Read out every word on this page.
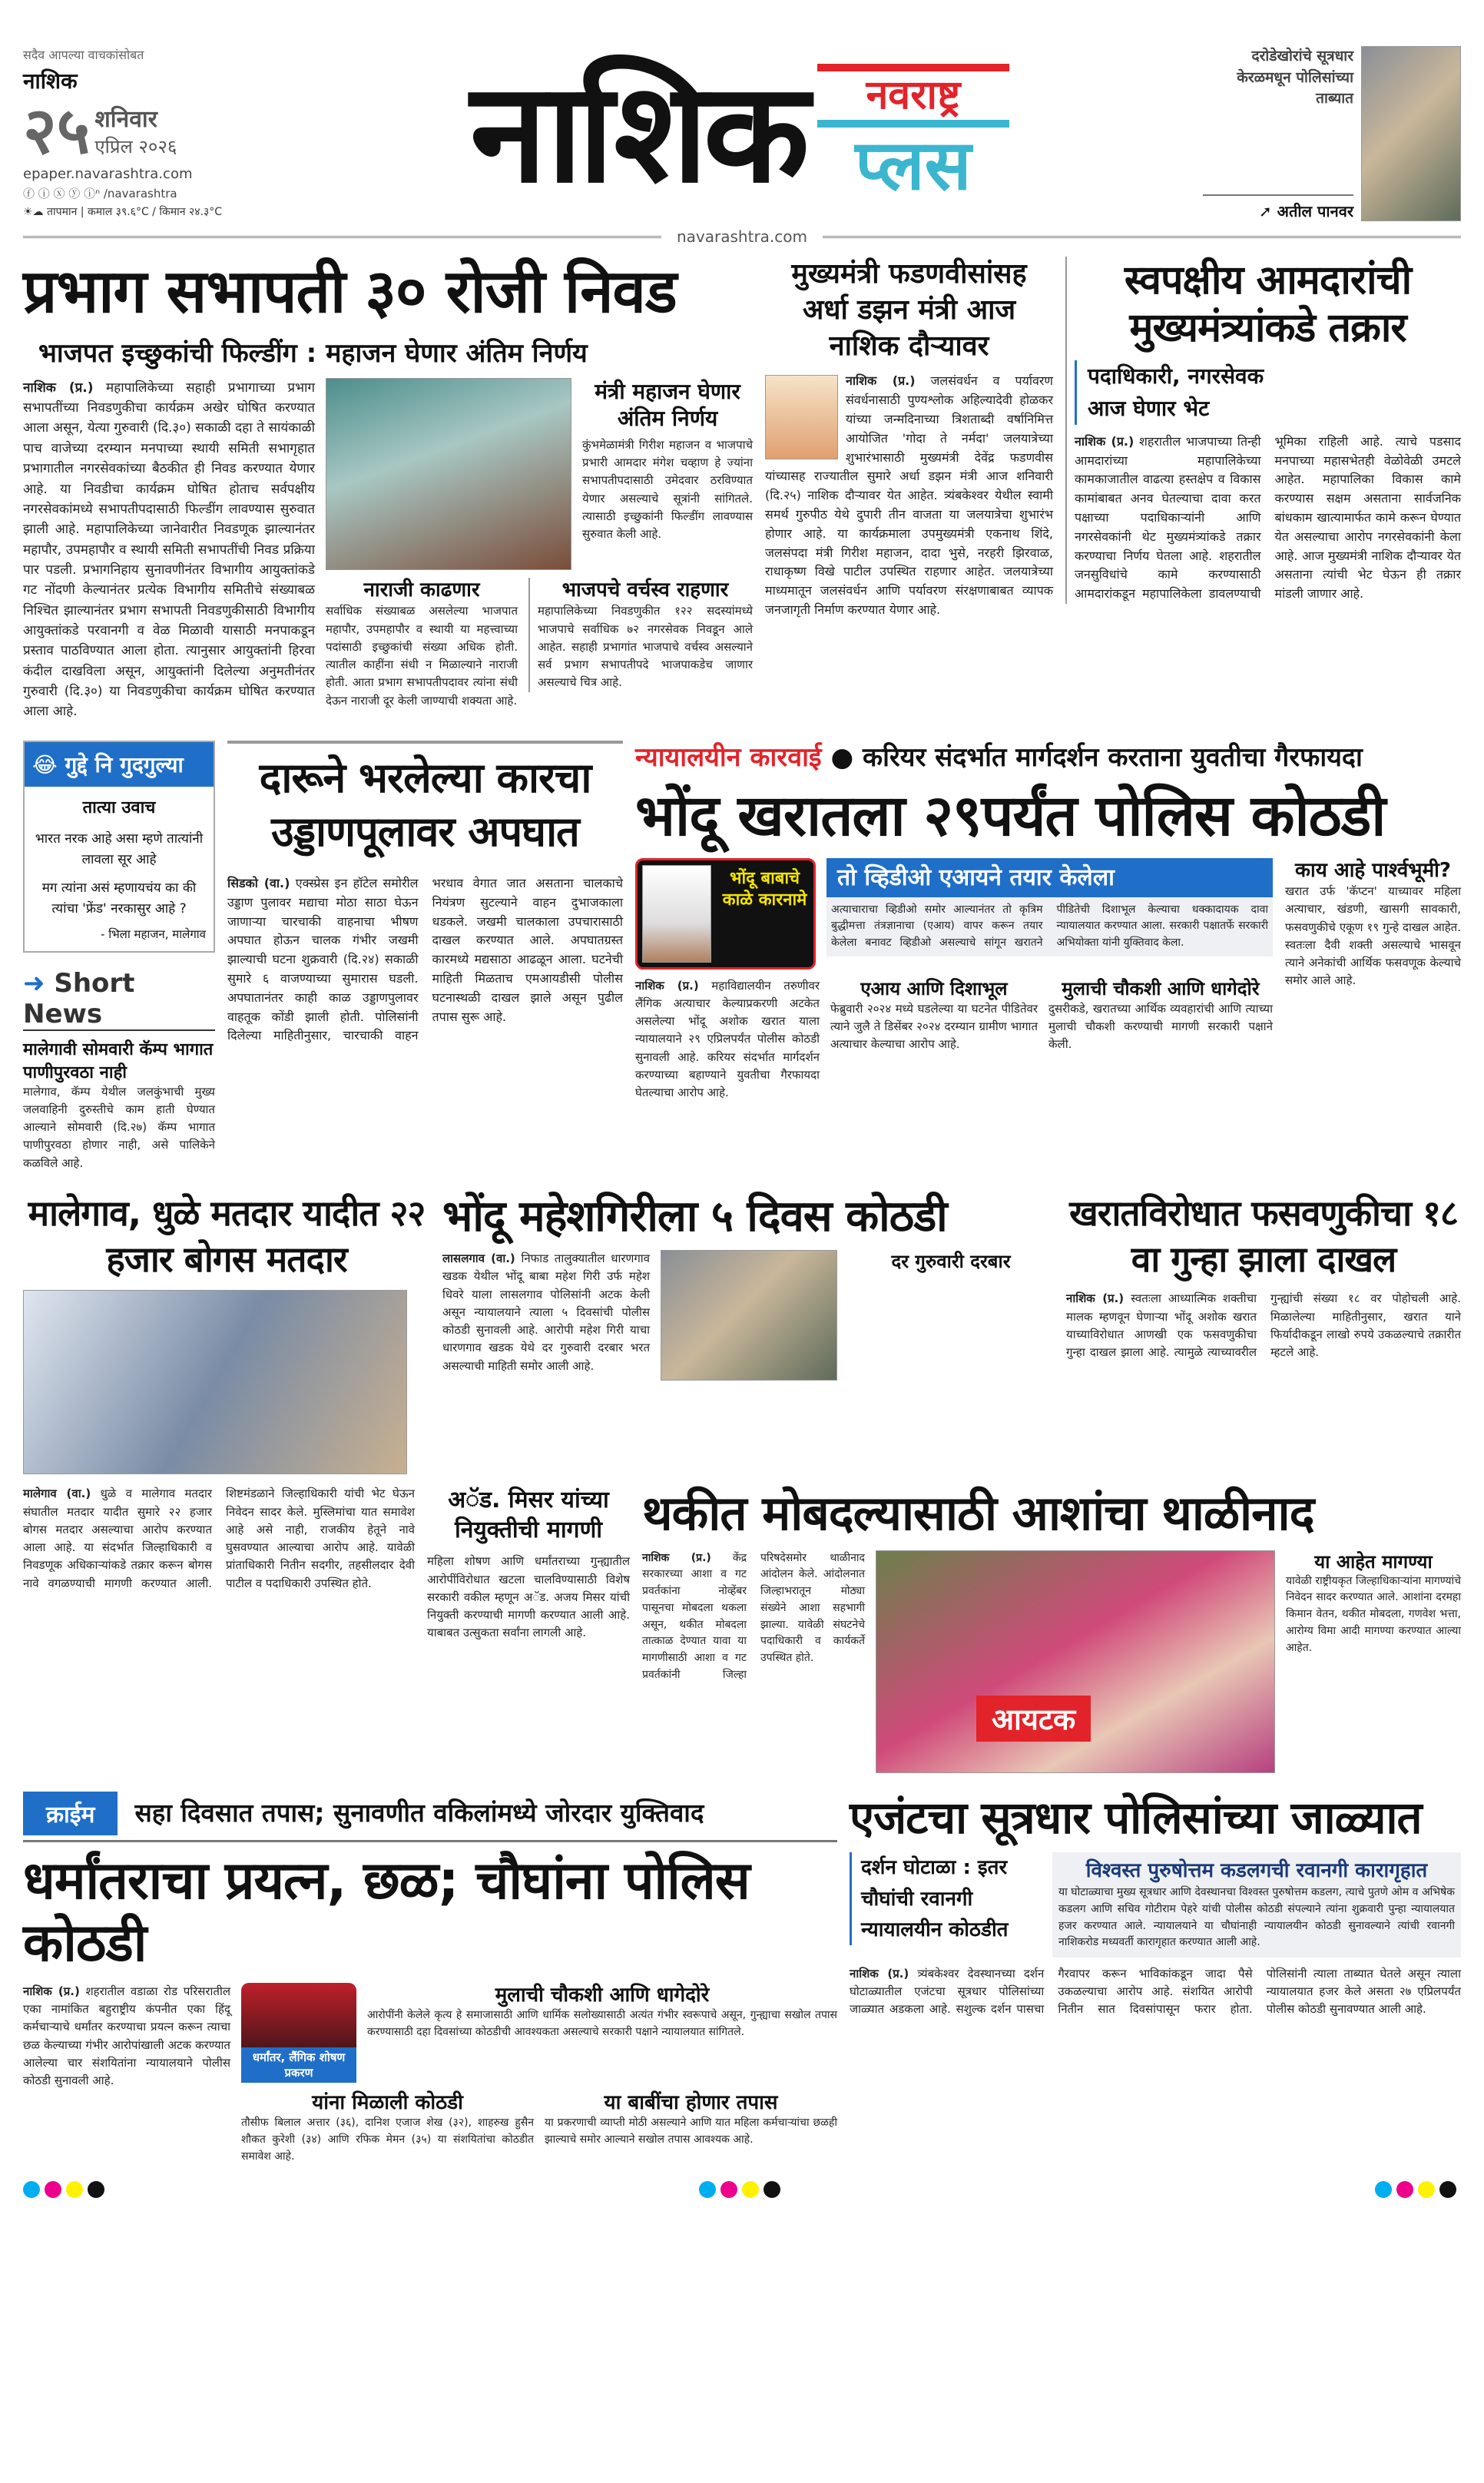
सदैव आपल्या वाचकांसोबत
नाशिक
२५ शनिवार
एप्रिल २०२६
epaper.navarashtra.com
ⓕ ⓘ ⓧ ⓨ ⓘⁿ /navarashtra
☀☁ तापमान | कमाल ३९.६°C / किमान २४.३°C	नाशिक	नवराष्ट्र
प्लस
दरोडेखोरांचे सूत्रधार केरळमधून पोलिसांच्या ताब्यात
➚ अतील पानवर
navarashtra.com
प्रभाग सभापती ३० रोजी निवड
भाजपत इच्छुकांची फिल्डींग : महाजन घेणार अंतिम निर्णय
नाशिक (प्र.) महापालिकेच्या सहाही प्रभागाच्या प्रभाग सभापतींच्या निवडणुकीचा कार्यक्रम अखेर घोषित करण्यात आला असून, येत्या गुरुवारी (दि.३०) सकाळी दहा ते सायंकाळी पाच वाजेच्या दरम्यान मनपाच्या स्थायी समिती सभागृहात प्रभागातील नगरसेवकांच्या बैठकीत ही निवड करण्यात येणार आहे. या निवडीचा कार्यक्रम घोषित होताच सर्वपक्षीय नगरसेवकांमध्ये सभापतीपदासाठी फिल्डींग लावण्यास सुरुवात झाली आहे. महापालिकेच्या जानेवारीत निवडणूक झाल्यानंतर महापौर, उपमहापौर व स्थायी समिती सभापतींची निवड प्रक्रिया पार पडली. प्रभागनिहाय सुनावणीनंतर विभागीय आयुक्तांकडे गट नोंदणी केल्यानंतर प्रत्येक विभागीय समितीचे संख्याबळ निश्चित झाल्यानंतर प्रभाग सभापती निवडणुकीसाठी विभागीय आयुक्तांकडे परवानगी व वेळ मिळावी यासाठी मनपाकडून प्रस्ताव पाठविण्यात आला होता. त्यानुसार आयुक्तांनी हिरवा कंदील दाखविला असून, आयुक्तांनी दिलेल्या अनुमतीनंतर गुरुवारी (दि.३०) या निवडणुकीचा कार्यक्रम घोषित करण्यात आला आहे.
मंत्री महाजन घेणार अंतिम निर्णय
कुंभमेळामंत्री गिरीश महाजन व भाजपाचे प्रभारी आमदार मंगेश चव्हाण हे ज्यांना सभापतीपदासाठी उमेदवार ठरविण्यात येणार असल्याचे सूत्रांनी सांगितले. त्यासाठी इच्छुकांनी फिल्डींग लावण्यास सुरुवात केली आहे.
नाराजी काढणार
सर्वाधिक संख्याबळ असलेल्या भाजपात महापौर, उपमहापौर व स्थायी या महत्त्वाच्या पदांसाठी इच्छुकांची संख्या अधिक होती. त्यातील काहींना संधी न मिळाल्याने नाराजी होती. आता प्रभाग सभापतीपदावर त्यांना संधी देऊन नाराजी दूर केली जाण्याची शक्यता आहे.
भाजपचे वर्चस्व राहणार
महापालिकेच्या निवडणुकीत १२२ सदस्यांमध्ये भाजपाचे सर्वाधिक ७२ नगरसेवक निवडून आले आहेत. सहाही प्रभागांत भाजपाचे वर्चस्व असल्याने सर्व प्रभाग सभापतीपदे भाजपाकडेच जाणार असल्याचे चित्र आहे.
मुख्यमंत्री फडणवीसांसह अर्धा डझन मंत्री आज नाशिक दौऱ्यावर
नाशिक (प्र.) जलसंवर्धन व पर्यावरण संवर्धनासाठी पुण्यश्लोक अहिल्यादेवी होळकर यांच्या जन्मदिनाच्या त्रिशताब्दी वर्षानिमित्त आयोजित 'गोदा ते नर्मदा' जलयात्रेच्या शुभारंभासाठी मुख्यमंत्री देवेंद्र फडणवीस यांच्यासह राज्यातील सुमारे अर्धा डझन मंत्री आज शनिवारी (दि.२५) नाशिक दौऱ्यावर येत आहेत. त्र्यंबकेश्वर येथील स्वामी समर्थ गुरुपीठ येथे दुपारी तीन वाजता या जलयात्रेचा शुभारंभ होणार आहे. या कार्यक्रमाला उपमुख्यमंत्री एकनाथ शिंदे, जलसंपदा मंत्री गिरीश महाजन, दादा भुसे, नरहरी झिरवाळ, राधाकृष्ण विखे पाटील उपस्थित राहणार आहेत. जलयात्रेच्या माध्यमातून जलसंवर्धन आणि पर्यावरण संरक्षणाबाबत व्यापक जनजागृती निर्माण करण्यात येणार आहे.
स्वपक्षीय आमदारांची मुख्यमंत्र्यांकडे तक्रार
पदाधिकारी, नगरसेवक आज घेणार भेट
नाशिक (प्र.) शहरातील भाजपाच्या तिन्ही आमदारांच्या महापालिकेच्या कामकाजातील वाढत्या हस्तक्षेप व विकास कामांबाबत अनव घेतल्याचा दावा करत पक्षाच्या पदाधिकाऱ्यांनी आणि नगरसेवकांनी थेट मुख्यमंत्र्यांकडे तक्रार करण्याचा निर्णय घेतला आहे. शहरातील जनसुविधांचे कामे करण्यासाठी आमदारांकडून महापालिकेला डावलण्याची भूमिका राहिली आहे. त्याचे पडसाद मनपाच्या महासभेतही वेळोवेळी उमटले आहेत. महापालिका विकास कामे करण्यास सक्षम असताना सार्वजनिक बांधकाम खात्यामार्फत कामे करून घेण्यात येत असल्याचा आरोप नगरसेवकांनी केला आहे. आज मुख्यमंत्री नाशिक दौऱ्यावर येत असताना त्यांची भेट घेऊन ही तक्रार मांडली जाणार आहे.
😂 गुद्दे नि गुदगुल्या
तात्या उवाच
भारत नरक आहे असा म्हणे तात्यांनी लावला सूर आहे
मग त्यांना असं म्हणायचंय का की त्यांचा 'फ्रेंड' नरकासुर आहे ?
- भिला महाजन, मालेगाव
➜ Short News
मालेगावी सोमवारी कॅम्प भागात पाणीपुरवठा नाही
मालेगाव, कॅम्प येथील जलकुंभाची मुख्य जलवाहिनी दुरुस्तीचे काम हाती घेण्यात आल्याने सोमवारी (दि.२७) कॅम्प भागात पाणीपुरवठा होणार नाही, असे पालिकेने कळविले आहे.
दारूने भरलेल्या कारचा उड्डाणपूलावर अपघात
सिडको (वा.) एक्स्प्रेस इन हॉटेल समोरील उड्डाण पुलावर मद्याचा मोठा साठा घेऊन जाणाऱ्या चारचाकी वाहनाचा भीषण अपघात होऊन चालक गंभीर जखमी झाल्याची घटना शुक्रवारी (दि.२४) सकाळी सुमारे ६ वाजण्याच्या सुमारास घडली. अपघातानंतर काही काळ उड्डाणपुलावर वाहतूक कोंडी झाली होती. पोलिसांनी दिलेल्या माहितीनुसार, चारचाकी वाहन भरधाव वेगात जात असताना चालकाचे नियंत्रण सुटल्याने वाहन दुभाजकाला धडकले. जखमी चालकाला उपचारासाठी दाखल करण्यात आले. अपघातग्रस्त कारमध्ये मद्यसाठा आढळून आला. घटनेची माहिती मिळताच एमआयडीसी पोलीस घटनास्थळी दाखल झाले असून पुढील तपास सुरू आहे.
न्यायालयीन कारवाई ● करियर संदर्भात मार्गदर्शन करताना युवतीचा गैरफायदा
भोंदू खरातला २९पर्यंत पोलिस कोठडी
भोंदू बाबाचे काळे कारनामे
तो व्हिडीओ एआयने तयार केलेला
अत्याचाराचा व्हिडीओ समोर आल्यानंतर तो कृत्रिम बुद्धीमत्ता तंत्रज्ञानाचा (एआय) वापर करून तयार केलेला बनावट व्हिडीओ असल्याचे सांगून खरातने पीडितेची दिशाभूल केल्याचा धक्कादायक दावा न्यायालयात करण्यात आला. सरकारी पक्षातर्फे सरकारी अभियोक्ता यांनी युक्तिवाद केला.
नाशिक (प्र.) महाविद्यालयीन तरुणीवर लैंगिक अत्याचार केल्याप्रकरणी अटकेत असलेल्या भोंदू अशोक खरात याला न्यायालयाने २९ एप्रिलपर्यंत पोलीस कोठडी सुनावली आहे. करियर संदर्भात मार्गदर्शन करण्याच्या बहाण्याने युवतीचा गैरफायदा घेतल्याचा आरोप आहे.
एआय आणि दिशाभूल
फेब्रुवारी २०२४ मध्ये घडलेल्या या घटनेत पीडितेवर त्याने जुलै ते डिसेंबर २०२४ दरम्यान ग्रामीण भागात अत्याचार केल्याचा आरोप आहे.
मुलाची चौकशी आणि धागेदोरे
दुसरीकडे, खरातच्या आर्थिक व्यवहारांची आणि त्याच्या मुलाची चौकशी करण्याची मागणी सरकारी पक्षाने केली.
काय आहे पार्श्वभूमी?
खरात उर्फ 'कॅप्टन' याच्यावर महिला अत्याचार, खंडणी, खासगी सावकारी, फसवणुकीचे एकूण १९ गुन्हे दाखल आहेत. स्वतःला दैवी शक्ती असल्याचे भासवून त्याने अनेकांची आर्थिक फसवणूक केल्याचे समोर आले आहे.
मालेगाव, धुळे मतदार यादीत २२ हजार बोगस मतदार
भोंदू महेशगिरीला ५ दिवस कोठडी
लासलगाव (वा.) निफाड तालुक्यातील धारणगाव खडक येथील भोंदू बाबा महेश गिरी उर्फ महेश धिवरे याला लासलगाव पोलिसांनी अटक केली असून न्यायालयाने त्याला ५ दिवसांची पोलीस कोठडी सुनावली आहे. आरोपी महेश गिरी याचा धारणगाव खडक येथे दर गुरुवारी दरबार भरत असल्याची माहिती समोर आली आहे.
दर गुरुवारी दरबार
खरातविरोधात फसवणुकीचा १८ वा गुन्हा झाला दाखल
नाशिक (प्र.) स्वतःला आध्यात्मिक शक्तीचा मालक म्हणवून घेणाऱ्या भोंदू अशोक खरात याच्याविरोधात आणखी एक फसवणुकीचा गुन्हा दाखल झाला आहे. त्यामुळे त्याच्यावरील गुन्ह्यांची संख्या १८ वर पोहोचली आहे. मिळालेल्या माहितीनुसार, खरात याने फिर्यादीकडून लाखो रुपये उकळल्याचे तक्रारीत म्हटले आहे.
मालेगाव (वा.) धुळे व मालेगाव मतदार संघातील मतदार यादीत सुमारे २२ हजार बोगस मतदार असल्याचा आरोप करण्यात आला आहे. या संदर्भात जिल्हाधिकारी व निवडणूक अधिकाऱ्यांकडे तक्रार करून बोगस नावे वगळण्याची मागणी करण्यात आली. शिष्टमंडळाने जिल्हाधिकारी यांची भेट घेऊन निवेदन सादर केले. मुस्लिमांचा यात समावेश आहे असे नाही, राजकीय हेतूने नावे घुसवण्यात आल्याचा आरोप आहे. यावेळी प्रांताधिकारी नितीन सदगीर, तहसीलदार देवी पाटील व पदाधिकारी उपस्थित होते.
अॅड. मिसर यांच्या नियुक्तीची मागणी
महिला शोषण आणि धर्मांतराच्या गुन्ह्यातील आरोपींविरोधात खटला चालविण्यासाठी विशेष सरकारी वकील म्हणून अॅड. अजय मिसर यांची नियुक्ती करण्याची मागणी करण्यात आली आहे. याबाबत उत्सुकता सर्वांना लागली आहे.
थकीत मोबदल्यासाठी आशांचा थाळीनाद
नाशिक (प्र.) केंद्र सरकारच्या आशा व गट प्रवर्तकांना नोव्हेंबर पासूनचा मोबदला थकला असून, थकीत मोबदला तात्काळ देण्यात यावा या मागणीसाठी आशा व गट प्रवर्तकांनी जिल्हा परिषदेसमोर थाळीनाद आंदोलन केले. आंदोलनात जिल्हाभरातून मोठ्या संख्येने आशा सहभागी झाल्या. यावेळी संघटनेचे पदाधिकारी व कार्यकर्ते उपस्थित होते.
आयटक
या आहेत मागण्या
यावेळी राष्ट्रीयकृत जिल्हाधिकाऱ्यांना मागण्यांचे निवेदन सादर करण्यात आले. आशांना दरमहा किमान वेतन, थकीत मोबदला, गणवेश भत्ता, आरोग्य विमा आदी मागण्या करण्यात आल्या आहेत.
क्राईम	सहा दिवसात तपास; सुनावणीत वकिलांमध्ये जोरदार युक्तिवाद
धर्मांतराचा प्रयत्न, छळ; चौघांना पोलिस कोठडी
नाशिक (प्र.) शहरातील वडाळा रोड परिसरातील एका नामांकित बहुराष्ट्रीय कंपनीत एका हिंदू कर्मचाऱ्याचे धर्मांतर करण्याचा प्रयत्न करून त्याचा छळ केल्याच्या गंभीर आरोपांखाली अटक करण्यात आलेल्या चार संशयितांना न्यायालयाने पोलीस कोठडी सुनावली आहे.
धर्मांतर, लैंगिक शोषण प्रकरण
मुलाची चौकशी आणि धागेदोरे
आरोपींनी केलेले कृत्य हे समाजासाठी आणि धार्मिक सलोख्यासाठी अत्यंत गंभीर स्वरूपाचे असून, गुन्ह्याचा सखोल तपास करण्यासाठी दहा दिवसांच्या कोठडीची आवश्यकता असल्याचे सरकारी पक्षाने न्यायालयात सांगितले.
यांना मिळाली कोठडी
तौसीफ बिलाल अत्तार (३६), दानिश एजाज शेख (३२), शाहरुख हुसैन शौकत कुरेशी (३४) आणि रफिक मेमन (३५) या संशयितांचा कोठडीत समावेश आहे.
या बाबींचा होणार तपास
या प्रकरणाची व्याप्ती मोठी असल्याने आणि यात महिला कर्मचाऱ्यांचा छळही झाल्याचे समोर आल्याने सखोल तपास आवश्यक आहे.
एजंटचा सूत्रधार पोलिसांच्या जाळ्यात
दर्शन घोटाळा : इतर चौघांची रवानगी न्यायालयीन कोठडीत
विश्वस्त पुरुषोत्तम कडलगची रवानगी कारागृहात
या घोटाळ्याचा मुख्य सूत्रधार आणि देवस्थानचा विश्वस्त पुरुषोत्तम कडलग, त्याचे पुतणे ओम व अभिषेक कडलग आणि सचिव गोटीराम पेहरे यांची पोलीस कोठडी संपल्याने त्यांना शुक्रवारी पुन्हा न्यायालयात हजर करण्यात आले. न्यायालयाने या चौघांनाही न्यायालयीन कोठडी सुनावल्याने त्यांची रवानगी नाशिकरोड मध्यवर्ती कारागृहात करण्यात आली आहे.
नाशिक (प्र.) त्र्यंबकेश्वर देवस्थानच्या दर्शन घोटाळ्यातील एजंटचा सूत्रधार पोलिसांच्या जाळ्यात अडकला आहे. सशुल्क दर्शन पासचा गैरवापर करून भाविकांकडून जादा पैसे उकळल्याचा आरोप आहे. संशयित आरोपी नितीन सात दिवसांपासून फरार होता. पोलिसांनी त्याला ताब्यात घेतले असून त्याला न्यायालयात हजर केले असता २७ एप्रिलपर्यंत पोलीस कोठडी सुनावण्यात आली आहे.
